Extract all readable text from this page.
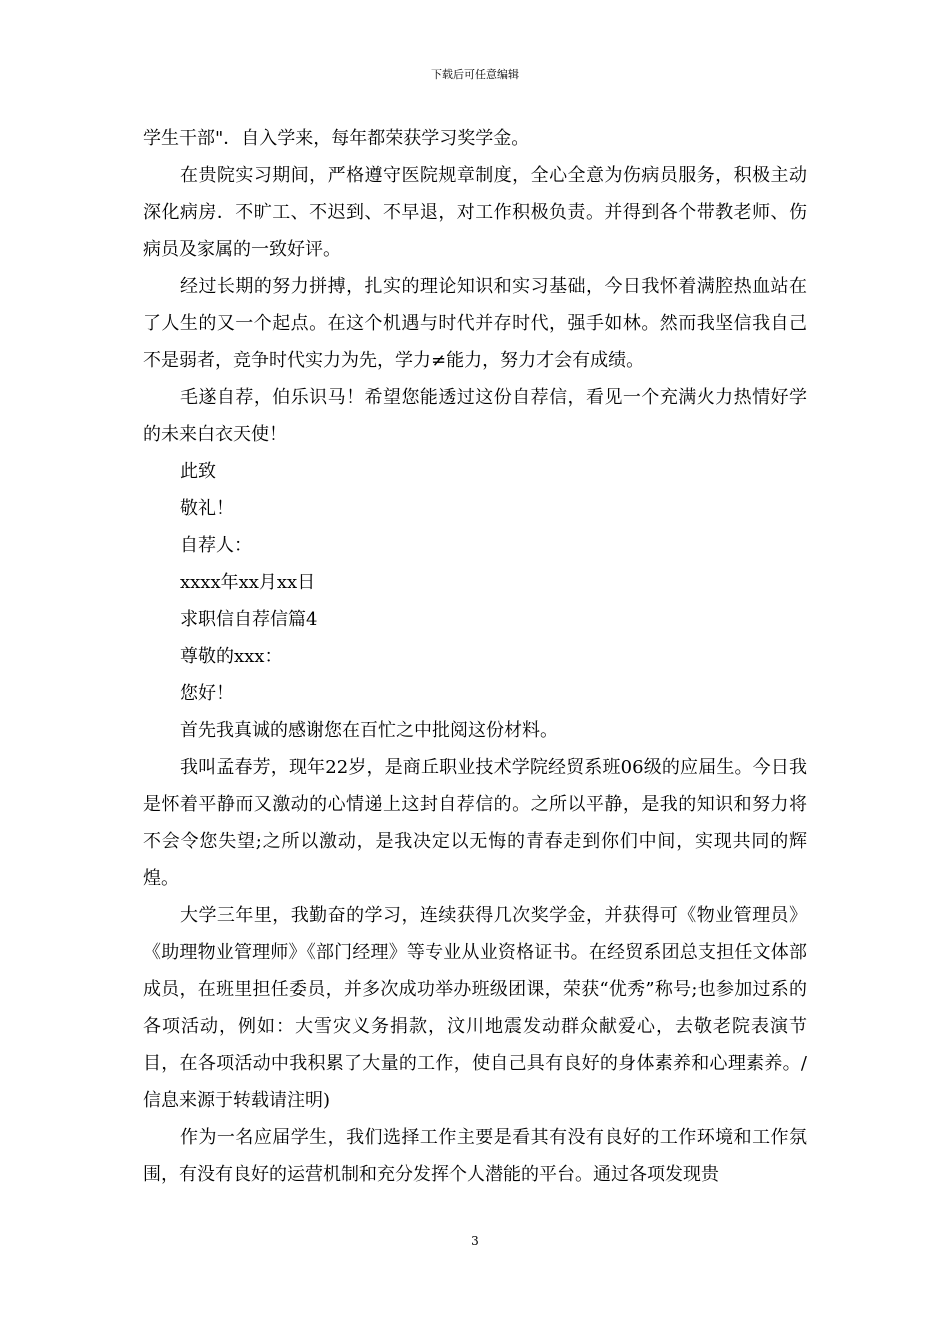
下载后可任意编辑

学生干部"．自入学来，每年都荣获学习奖学金。

在贵院实习期间，严格遵守医院规章制度，全心全意为伤病员服务，积极主动深化病房．不旷工、不迟到、不早退，对工作积极负责。并得到各个带教老师、伤病员及家属的一致好评。

经过长期的努力拼搏，扎实的理论知识和实习基础，今日我怀着满腔热血站在了人生的又一个起点。在这个机遇与时代并存时代，强手如林。然而我坚信我自己不是弱者，竞争时代实力为先，学力≠能力，努力才会有成绩。

毛遂自荐，伯乐识马！希望您能透过这份自荐信，看见一个充满火力热情好学的未来白衣天使！

此致

敬礼！

自荐人：

xxxx年xx月xx日

求职信自荐信篇4

尊敬的xxx：

您好！

首先我真诚的感谢您在百忙之中批阅这份材料。

我叫孟春芳，现年22岁，是商丘职业技术学院经贸系班06级的应届生。今日我是怀着平静而又激动的心情递上这封自荐信的。之所以平静，是我的知识和努力将不会令您失望;之所以激动，是我决定以无悔的青春走到你们中间，实现共同的辉煌。

大学三年里，我勤奋的学习，连续获得几次奖学金，并获得可《物业管理员》《助理物业管理师》《部门经理》等专业从业资格证书。在经贸系团总支担任文体部成员，在班里担任委员，并多次成功举办班级团课，荣获“优秀”称号;也参加过系的各项活动，例如：大雪灾义务捐款，汶川地震发动群众献爱心，去敬老院表演节目，在各项活动中我积累了大量的工作，使自己具有良好的身体素养和心理素养。/信息来源于转载请注明)

作为一名应届学生，我们选择工作主要是看其有没有良好的工作环境和工作氛围，有没有良好的运营机制和充分发挥个人潜能的平台。通过各项发现贵

3
